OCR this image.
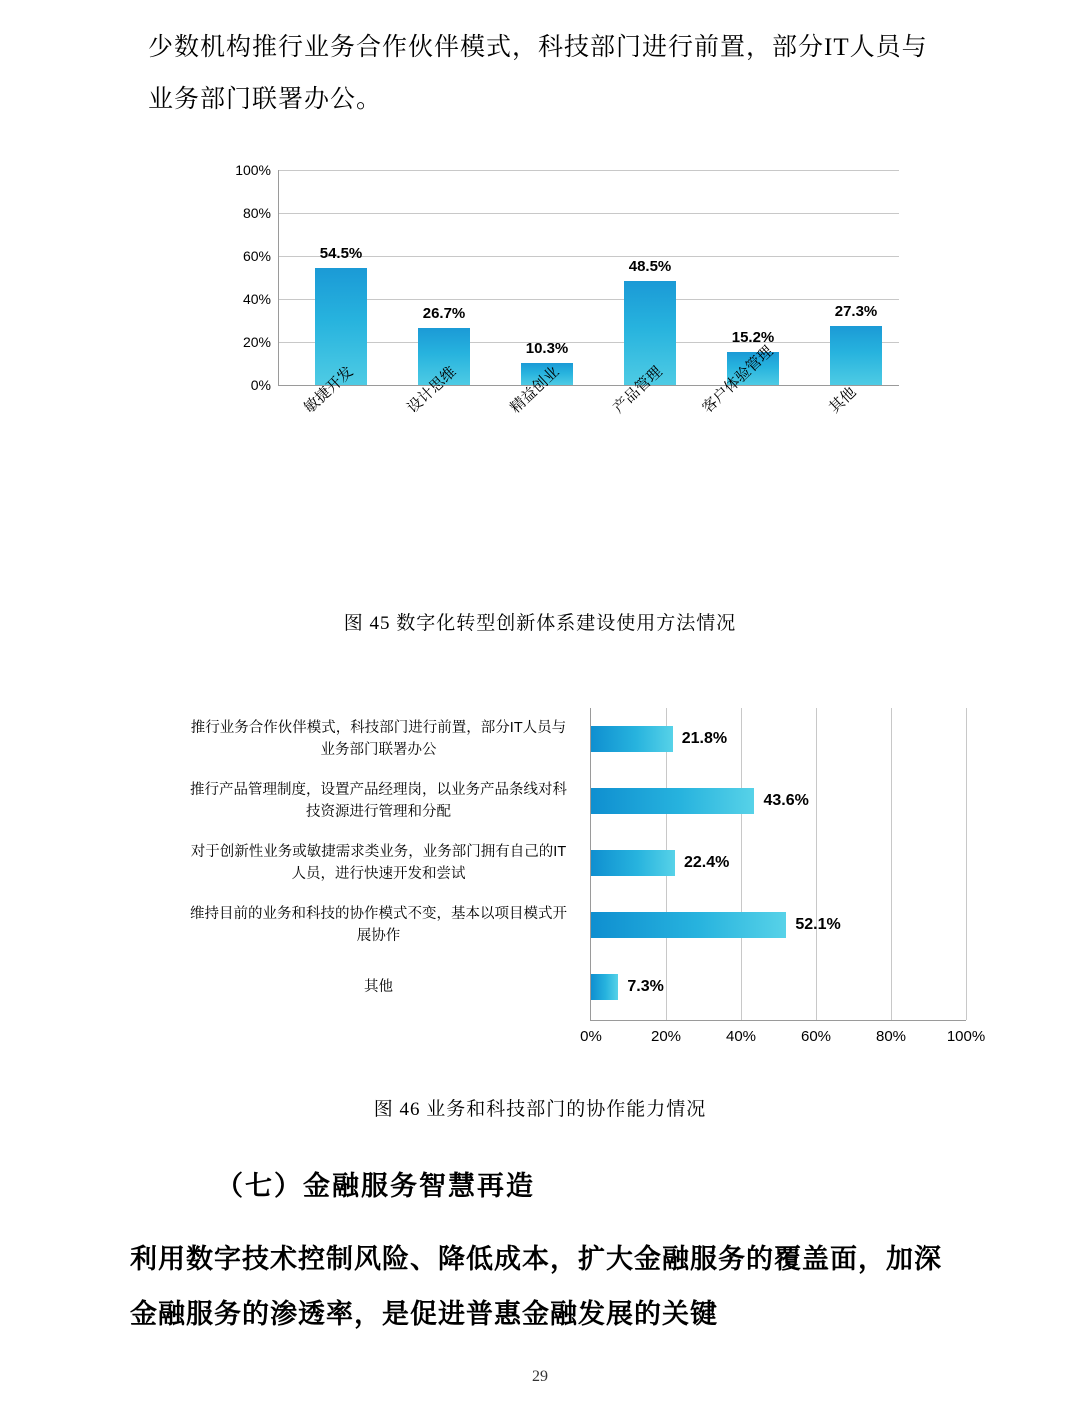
少数机构推行业务合作伙伴模式，科技部门进行前置，部分IT人员与业务部门联署办公。
0%
20%
40%
60%
80%
100%
54.5%
26.7%
10.3%
48.5%
15.2%
27.3%
敏捷开发	设计思维	精益创业	产品管理 客户体验管理	其他
图 45 数字化转型创新体系建设使用方法情况
21.8%
43.6%
22.4%
52.1%
7.3%
推行业务合作伙伴模式，科技部门进行前置，部分IT人员与业务部门联署办公
推行产品管理制度，设置产品经理岗，以业务产品条线对科技资源进行管理和分配
对于创新性业务或敏捷需求类业务，业务部门拥有自己的IT人员，进行快速开发和尝试
维持目前的业务和科技的协作模式不变，基本以项目模式开展协作
其他
0%	20%	40%	60%	80%	100%
图 46 业务和科技部门的协作能力情况
（七）金融服务智慧再造
利用数字技术控制风险、降低成本，扩大金融服务的覆盖面，加深金融服务的渗透率，是促进普惠金融发展的关键
29
